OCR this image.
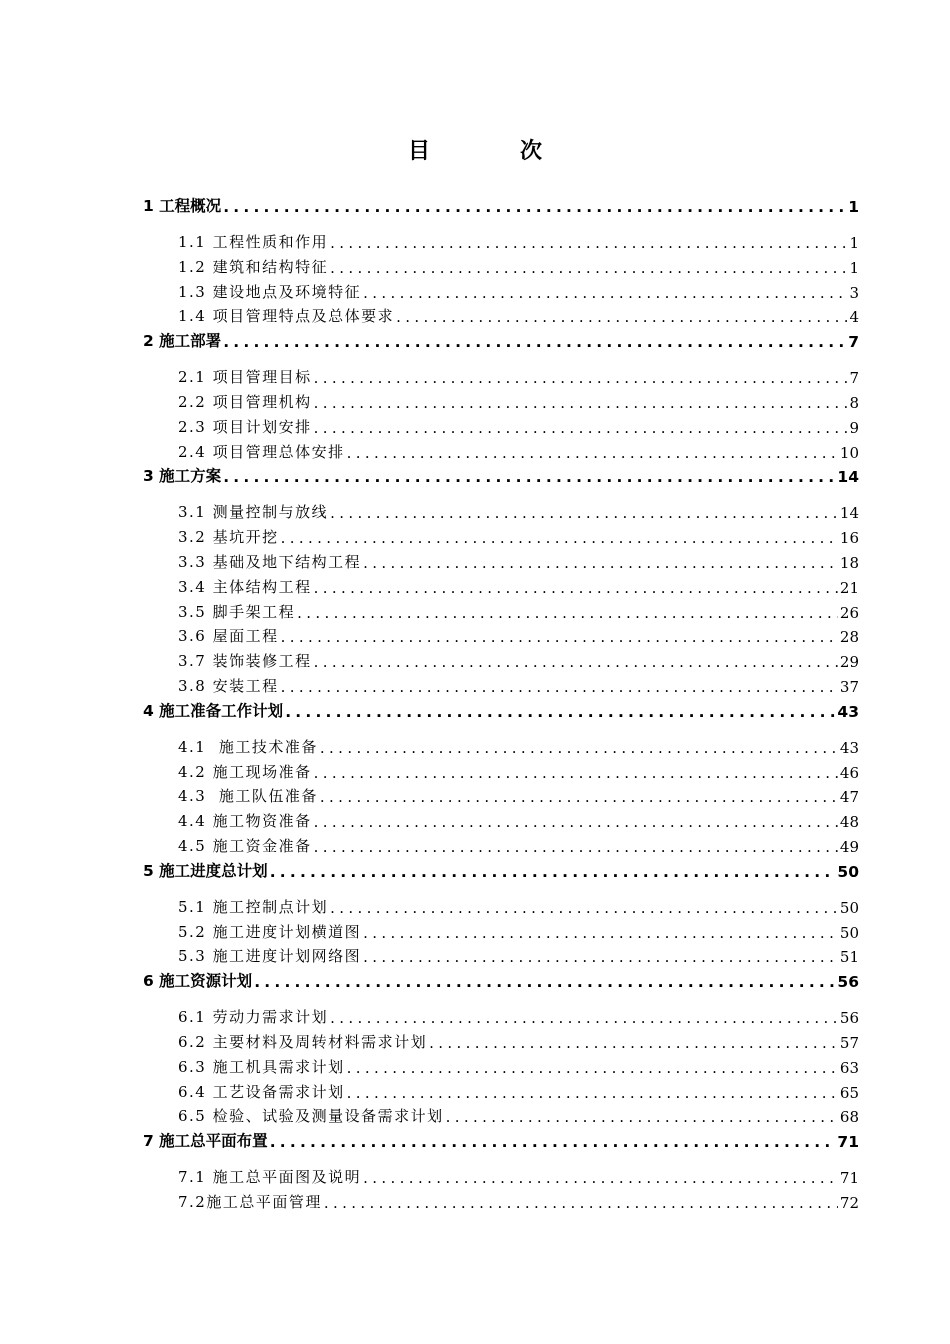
目　次
1 工程概况 . . .	1
1.1 工程性质和作用 . . .	1
1.2 建筑和结构特征 . . .	1
1.3 建设地点及环境特征 . . .	3
1.4 项目管理特点及总体要求 . . .	4
2 施工部署 . . .	7
2.1 项目管理目标 . . .	7
2.2 项目管理机构 . . .	8
2.3 项目计划安排 . . .	9
2.4 项目管理总体安排 . . .	10
3 施工方案 . . .	14
3.1 测量控制与放线 . . .	14
3.2 基坑开挖 . . .	16
3.3 基础及地下结构工程 . . .	18
3.4 主体结构工程 . . .	21
3.5 脚手架工程 . . .	26
3.6 屋面工程 . . .	28
3.7 装饰装修工程 . . .	29
3.8 安装工程 . . .	37
4 施工准备工作计划 . . .	43
4.1  施工技术准备 . . .	43
4.2 施工现场准备 . . .	46
4.3  施工队伍准备 . . .	47
4.4 施工物资准备 . . .	48
4.5 施工资金准备 . . .	49
5 施工进度总计划 . . .	50
5.1 施工控制点计划 . . .	50
5.2 施工进度计划横道图 . . .	50
5.3 施工进度计划网络图 . . .	51
6 施工资源计划 . . .	56
6.1 劳动力需求计划 . . .	56
6.2 主要材料及周转材料需求计划 . . .	57
6.3 施工机具需求计划 . . .	63
6.4 工艺设备需求计划 . . .	65
6.5 检验、试验及测量设备需求计划 . . .	68
7 施工总平面布置 . . .	71
7.1 施工总平面图及说明 . . .	71
7.2施工总平面管理 . . .	72
